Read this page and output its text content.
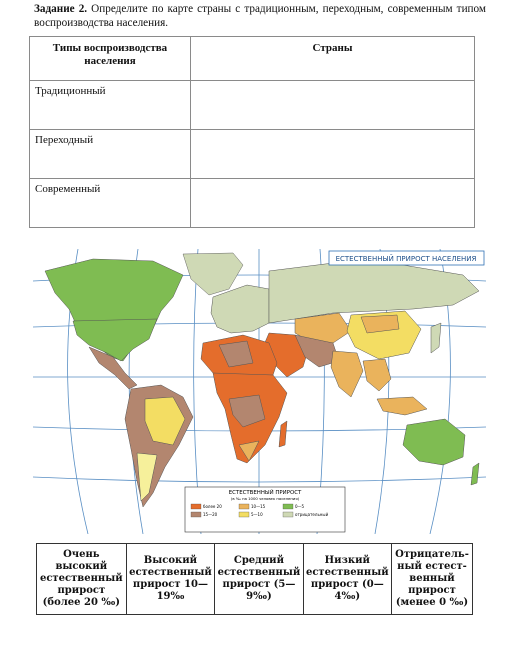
Задание 2. Определите по карте страны с традиционным, переходным, современным типом воспроизводства населения.
Типы воспроизводства населения	Страны
Традиционный	
Переходный	
Современный	
ЕСТЕСТВЕННЫЙ ПРИРОСТ НАСЕЛЕНИЯ
ЕСТЕСТВЕННЫЙ ПРИРОСТ
(в ‰ на 1000 человек населения)
более 20
15—20
10—15
5—10
0—5
отрицательный
Очень высокий естественный прирост (более 20 ‰)	Высокий естественный прирост 10—19‰	Средний естественный прирост (5—9‰)	Низкий естественный прирост (0—4‰)	Отрицатель-ный естест-венный прирост (менее 0 ‰)
